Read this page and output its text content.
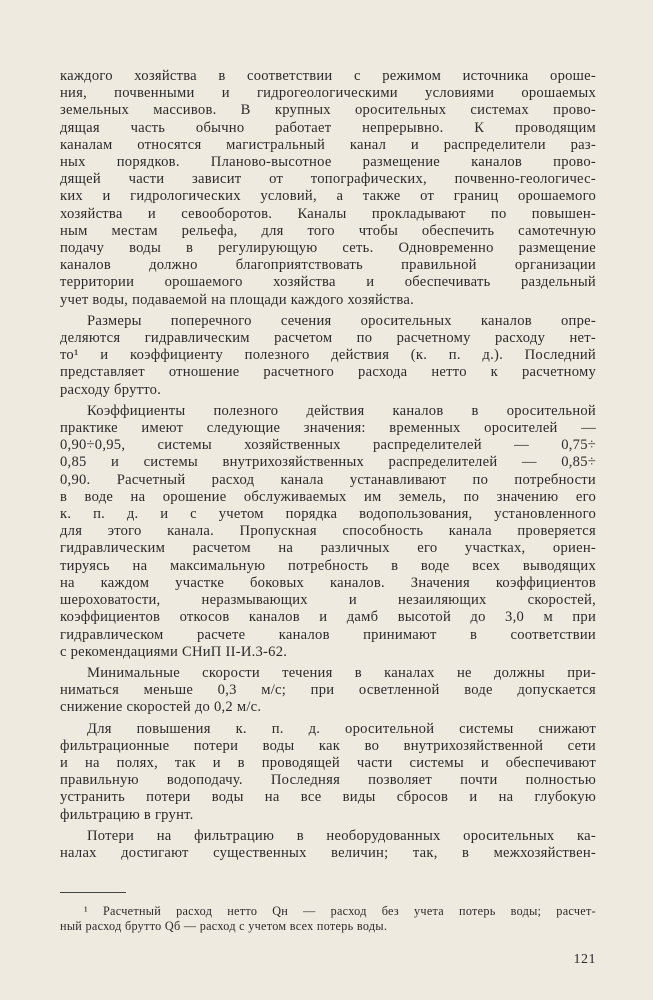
каждого хозяйства в соответствии с режимом источника ороше-
ния, почвенными и гидрогеологическими условиями орошаемых
земельных массивов. В крупных оросительных системах прово-
дящая часть обычно работает непрерывно. К проводящим
каналам относятся магистральный канал и распределители раз-
ных порядков. Планово-высотное размещение каналов прово-
дящей части зависит от топографических, почвенно-геологичес-
ких и гидрологических условий, а также от границ орошаемого
хозяйства и севооборотов. Каналы прокладывают по повышен-
ным местам рельефа, для того чтобы обеспечить самотечную
подачу воды в регулирующую сеть. Одновременно размещение
каналов должно благоприятствовать правильной организации
территории орошаемого хозяйства и обеспечивать раздельный
учет воды, подаваемой на площади каждого хозяйства.

Размеры поперечного сечения оросительных каналов опре-
деляются гидравлическим расчетом по расчетному расходу нет-
то¹ и коэффициенту полезного действия (к. п. д.). Последний
представляет отношение расчетного расхода нетто к расчетному
расходу брутто.

Коэффициенты полезного действия каналов в оросительной
практике имеют следующие значения: временных оросителей —
0,90÷0,95, системы хозяйственных распределителей — 0,75÷
0,85 и системы внутрихозяйственных распределителей — 0,85÷
0,90. Расчетный расход канала устанавливают по потребности
в воде на орошение обслуживаемых им земель, по значению его
к. п. д. и с учетом порядка водопользования, установленного
для этого канала. Пропускная способность канала проверяется
гидравлическим расчетом на различных его участках, ориен-
тируясь на максимальную потребность в воде всех выводящих
на каждом участке боковых каналов. Значения коэффициентов
шероховатости, неразмывающих и незаиляющих скоростей,
коэффициентов откосов каналов и дамб высотой до 3,0 м при
гидравлическом расчете каналов принимают в соответствии
с рекомендациями СНиП II-И.3-62.

Минимальные скорости течения в каналах не должны при-
ниматься меньше 0,3 м/с; при осветленной воде допускается
снижение скоростей до 0,2 м/с.

Для повышения к. п. д. оросительной системы снижают
фильтрационные потери воды как во внутрихозяйственной сети
и на полях, так и в проводящей части системы и обеспечивают
правильную водоподачу. Последняя позволяет почти полностью
устранить потери воды на все виды сбросов и на глубокую
фильтрацию в грунт.

Потери на фильтрацию в необорудованных оросительных ка-
налах достигают существенных величин; так, в межхозяйствен-

¹ Расчетный расход нетто Qн — расход без учета потерь воды; расчет-
ный расход брутто Qб — расход с учетом всех потерь воды.
121
